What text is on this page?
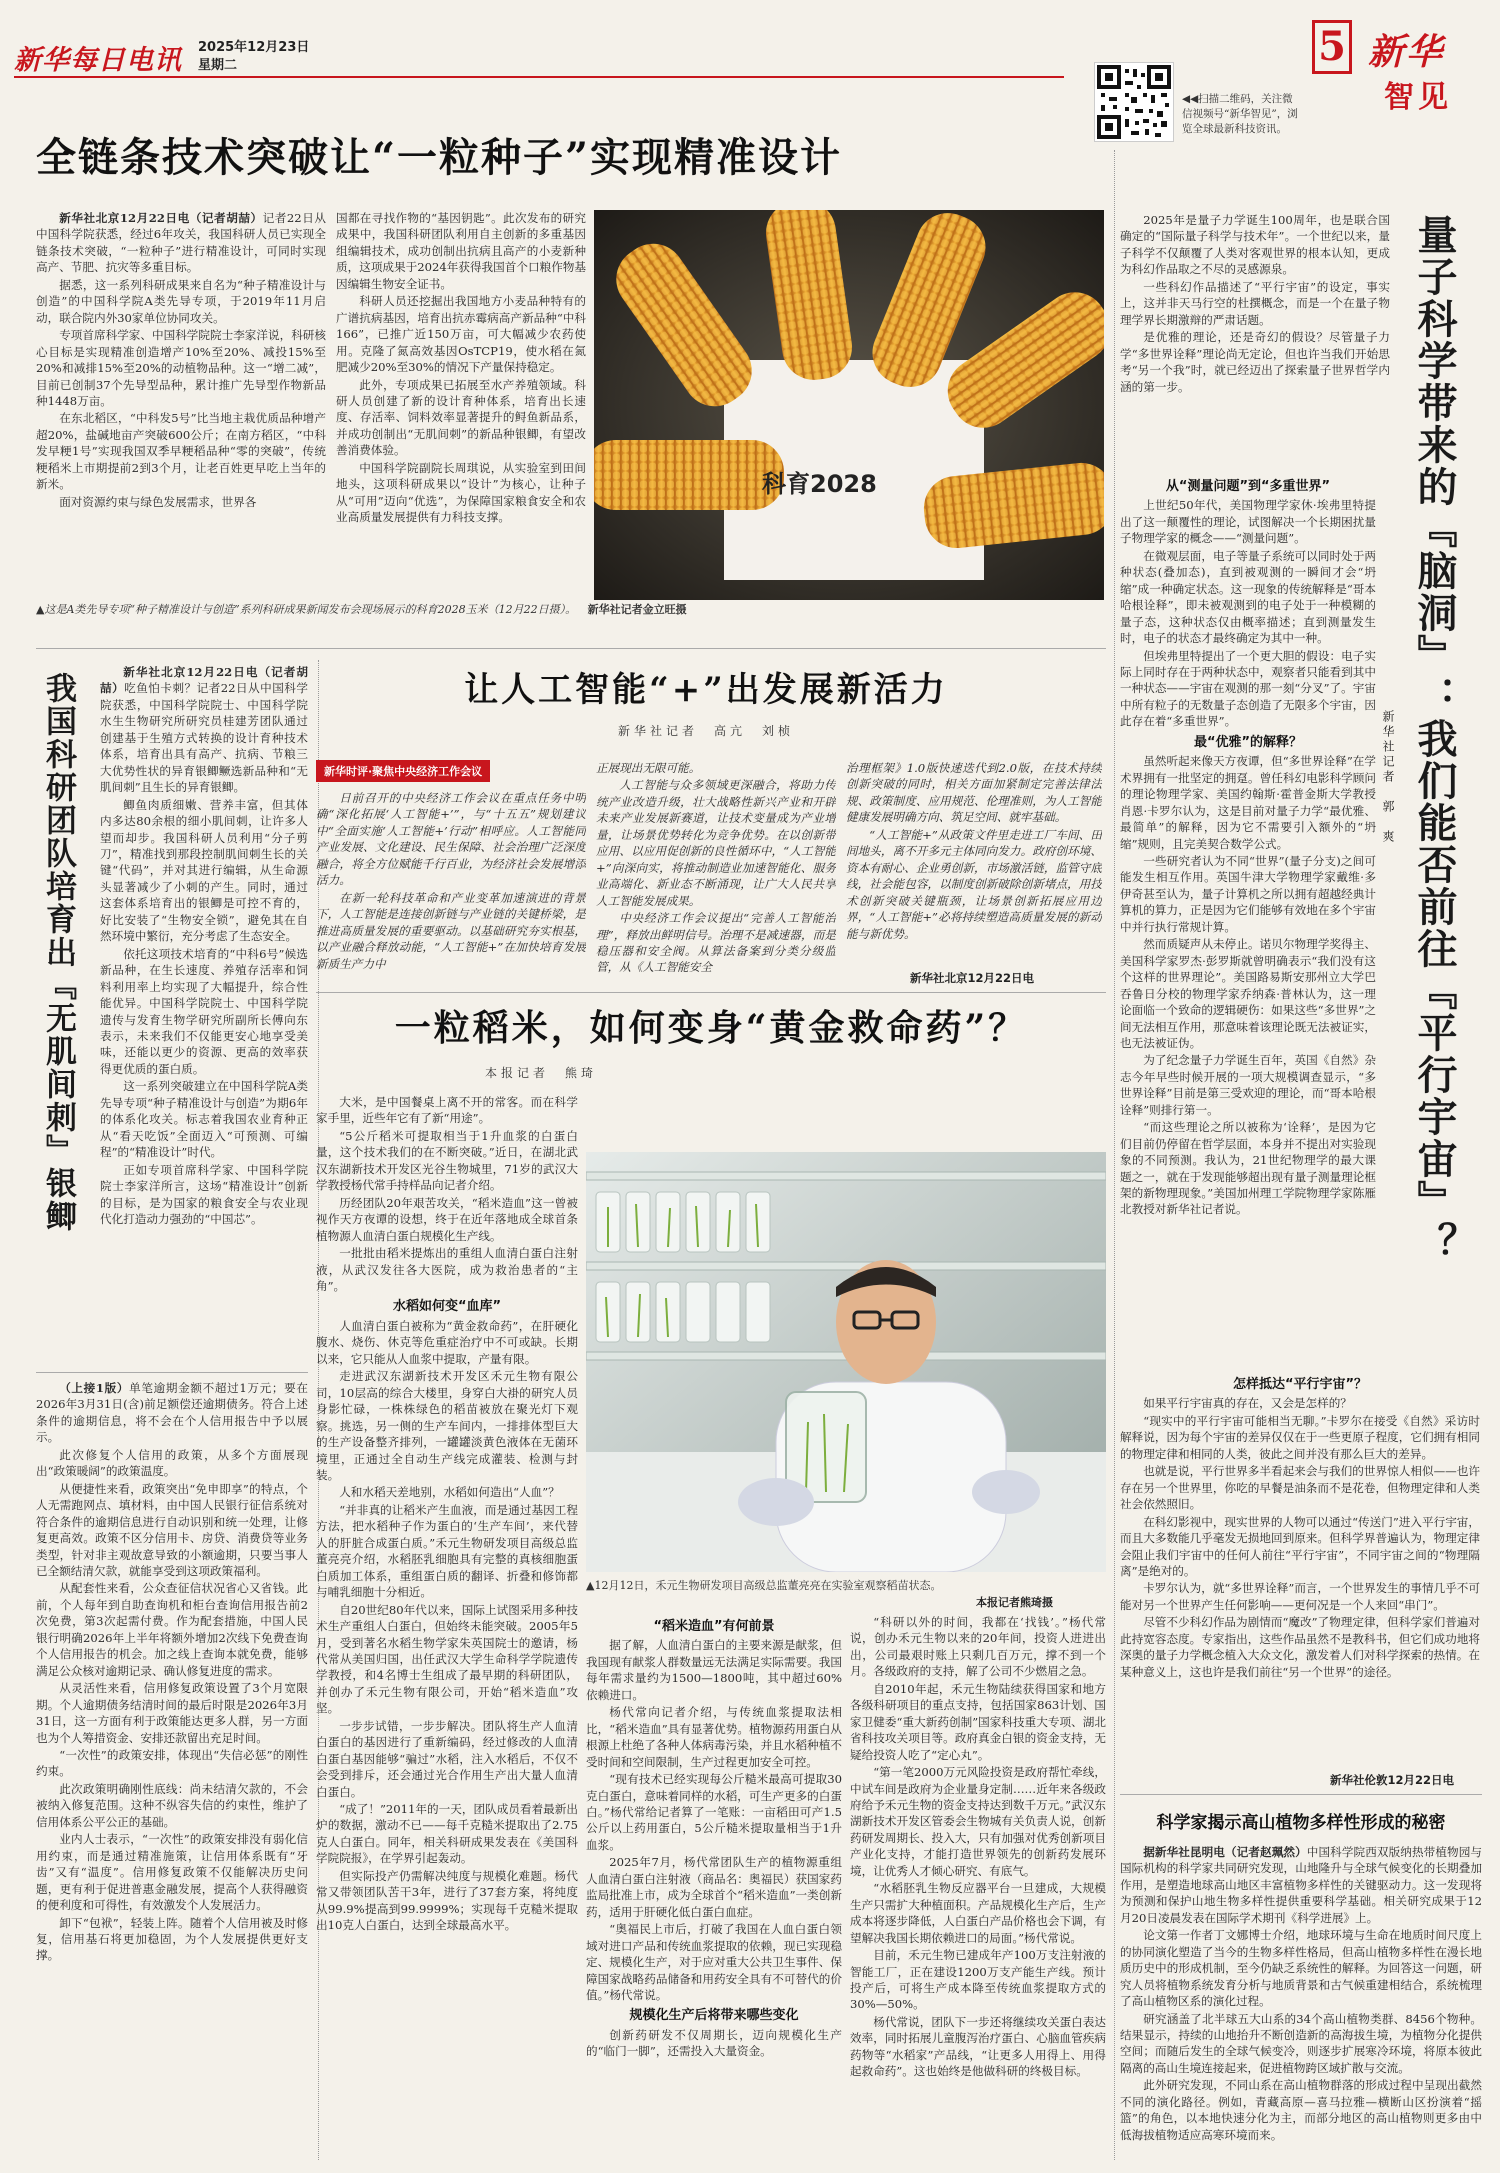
新华每日电讯 2025年12月23日
星期二
◀◀扫描二维码，关注微信视频号“新华智见”，浏览全球最新科技资讯。
5 新华
智见
全链条技术突破让“一粒种子”实现精准设计

新华社北京12月22日电（记者胡喆）记者22日从中国科学院获悉，经过6年攻关，我国科研人员已实现全链条技术突破，“一粒种子”进行精准设计，可同时实现高产、节肥、抗灾等多重目标。

据悉，这一系列科研成果来自名为“种子精准设计与创造”的中国科学院A类先导专项，于2019年11月启动，联合院内外30家单位协同攻关。

专项首席科学家、中国科学院院士李家洋说，科研核心目标是实现精准创造增产10%至20%、减投15%至20%和减排15%至20%的动植物品种。这一“增二减”，目前已创制37个先导型品种，累计推广先导型作物新品种1448万亩。

在东北稻区，“中科发5号”比当地主栽优质品种增产超20%，盐碱地亩产突破600公斤；在南方稻区，“中科发早粳1号”实现我国双季早粳稻品种“零的突破”，传统粳稻米上市期提前2到3个月，让老百姓更早吃上当年的新米。

面对资源约束与绿色发展需求，世界各

国都在寻找作物的“基因钥匙”。此次发布的研究成果中，我国科研团队利用自主创新的多重基因组编辑技术，成功创制出抗病且高产的小麦新种质，这项成果于2024年获得我国首个口粮作物基因编辑生物安全证书。

科研人员还挖掘出我国地方小麦品种特有的广谱抗病基因，培育出抗赤霉病高产新品种“中科166”，已推广近150万亩，可大幅减少农药使用。克隆了氮高效基因OsTCP19，使水稻在氮肥减少20%至30%的情况下产量保持稳定。

此外，专项成果已拓展至水产养殖领域。科研人员创建了新的设计育种体系，培育出长速度、存活率、饲料效率显著提升的鲟鱼新品系，并成功创制出“无肌间刺”的新品种银鲫，有望改善消费体验。

中国科学院副院长周琪说，从实验室到田间地头，这项科研成果以“设计”为核心，让种子从“可用”迈向“优选”，为保障国家粮食安全和农业高质量发展提供有力科技支撑。

科育2028
▲这是A类先导专项“种子精准设计与创造”系列科研成果新闻发布会现场展示的科育2028玉米（12月22日摄）。 新华社记者金立旺摄
我国科研团队培育出『无肌间刺』银鲫	新华社北京12月22日电（记者胡喆）吃鱼怕卡刺？记者22日从中国科学院获悉，中国科学院院士、中国科学院水生生物研究所研究员桂建芳团队通过创建基于生殖方式转换的设计育种技术体系，培育出具有高产、抗病、节粮三大优势性状的异育银鲫鳜选新品种和“无肌间刺”且生长的异育银鲫。

鲫鱼肉质细嫩、营养丰富，但其体内多达80余根的细小肌间刺，让许多人望而却步。我国科研人员利用“分子剪刀”，精准找到那段控制肌间刺生长的关键“代码”，并对其进行编辑，从生命源头显著减少了小刺的产生。同时，通过这套体系培育出的银鲫是可控不育的，好比安装了“生物安全锁”，避免其在自然环境中繁衍，充分考虑了生态安全。

依托这项技术培育的“中科6号”候选新品种，在生长速度、养殖存活率和饲料利用率上均实现了大幅提升，综合性能优异。中国科学院院士、中国科学院遗传与发育生物学研究所副所长傅向东表示，未来我们不仅能更安心地享受美味，还能以更少的资源、更高的效率获得更优质的蛋白质。

这一系列突破建立在中国科学院A类先导专项“种子精准设计与创造”为期6年的体系化攻关。标志着我国农业育种正从“看天吃饭”全面迈入“可预测、可编程”的“精准设计”时代。

正如专项首席科学家、中国科学院院士李家洋所言，这场“精准设计”创新的目标，是为国家的粮食安全与农业现代化打造动力强劲的“中国芯”。

（上接1版）单笔逾期金额不超过1万元；要在2026年3月31日(含)前足额偿还逾期债务。符合上述条件的逾期信息，将不会在个人信用报告中予以展示。

此次修复个人信用的政策，从多个方面展现出“政策暖阔”的政策温度。

从便捷性来看，政策突出“免申即享”的特点，个人无需跑网点、填材料，由中国人民银行征信系统对符合条件的逾期信息进行自动识别和统一处理，让修复更高效。政策不区分信用卡、房贷、消费贷等业务类型，针对非主观故意导致的小额逾期，只要当事人已全额结清欠款，就能享受到这项政策福利。

从配套性来看，公众查征信状况省心又省钱。此前，个人每年到自助查询机和柜台查询信用报告前2次免费，第3次起需付费。作为配套措施，中国人民银行明确2026年上半年将额外增加2次线下免费查询个人信用报告的机会。加之线上查询本就免费，能够满足公众核对逾期记录、确认修复进度的需求。

从灵活性来看，信用修复政策设置了3个月宽限期。个人逾期债务结清时间的最后时限是2026年3月31日，这一方面有利于政策能达更多人群，另一方面也为个人筹措资金、安排还款留出充足时间。

“一次性”的政策安排，体现出“失信必惩”的刚性约束。

此次政策明确刚性底线：尚未结清欠款的，不会被纳入修复范围。这种不纵容失信的约束性，维护了信用体系公平公正的基础。

业内人士表示，“一次性”的政策安排没有弱化信用约束，而是通过精准施策，让信用体系既有“牙齿”又有“温度”。信用修复政策不仅能解决历史问题，更有利于促进普惠金融发展，提高个人获得融资的便利度和可得性，有效激发个人发展活力。

卸下“包袱”，轻装上阵。随着个人信用被及时修复，信用基石将更加稳固，为个人发展提供更好支撑。

让人工智能“+”出发展新活力
新华社记者　高亢　刘桢
新华时评·聚焦中央经济工作会议

日前召开的中央经济工作会议在重点任务中明确“深化拓展‘人工智能+’”，与“十五五”规划建议中“全面实施‘人工智能+’行动”相呼应。人工智能同产业发展、文化建设、民生保障、社会治理广泛深度融合，将全方位赋能千行百业，为经济社会发展增添活力。

在新一轮科技革命和产业变革加速演进的背景下，人工智能是连接创新链与产业链的关键桥梁，是推进高质量发展的重要驱动。以基础研究夯实根基，以产业融合释放动能，“人工智能+”在加快培育发展新质生产力中

正展现出无限可能。

人工智能与众多领域更深融合，将助力传统产业改造升级，壮大战略性新兴产业和开辟未来产业发展新赛道，让技术变量成为产业增量，让场景优势转化为竞争优势。在以创新带应用、以应用促创新的良性循环中，“人工智能+”向深向实，将推动制造业加速智能化、服务业高端化、新业态不断涌现，让广大人民共享人工智能发展成果。

中央经济工作会议提出“完善人工智能治理”，释放出鲜明信号。治理不是减速器，而是稳压器和安全阀。从算法备案到分类分级监管，从《人工智能安全

治理框架》1.0版快速迭代到2.0版，在技术持续创新突破的同时，相关方面加紧制定完善法律法规、政策制度、应用规范、伦理准则，为人工智能健康发展明确方向、筑足空间、就牢基础。

“人工智能+”从政策文件里走进工厂车间、田间地头，离不开多元主体同向发力。政府创环境、资本有耐心、企业勇创新，市场激活链，监管守底线，社会能包容，以制度创新破除创新堵点，用技术创新突破关键瓶颈，让场景创新拓展应用边界，“人工智能+”必将持续塑造高质量发展的新动能与新优势。

新华社北京12月22日电
一粒稻米，如何变身“黄金救命药”？
本报记者　熊琦

大米，是中国餐桌上离不开的常客。而在科学家手里，近些年它有了新“用途”。

“5公斤稻米可提取相当于1升血浆的白蛋白量，这个技术我们的在不断突破。”近日，在湖北武汉东湖新技术开发区光谷生物城里，71岁的武汉大学教授杨代常手持样品向记者介绍。

历经团队20年艰苦攻关，“稻米造血”这一曾被视作天方夜谭的设想，终于在近年落地成全球首条植物源人血清白蛋白规模化生产线。

一批批由稻米提炼出的重组人血清白蛋白注射液，从武汉发往各大医院，成为救治患者的“主角”。

水稻如何变“血库”

人血清白蛋白被称为“黄金救命药”，在肝硬化腹水、烧伤、休克等危重症治疗中不可或缺。长期以来，它只能从人血浆中提取，产量有限。

走进武汉东湖新技术开发区禾元生物有限公司，10层高的综合大楼里，身穿白大褂的研究人员身影忙碌，一株株绿色的稻苗被放在聚光灯下观察。挑选，另一侧的生产车间内，一排排体型巨大的生产设备整齐排列，一罐罐淡黄色液体在无菌环境里，正通过全自动生产线完成灌装、检测与封装。

人和水稻天差地别，水稻如何造出“人血”？

“并非真的让稻米产生血液，而是通过基因工程方法，把水稻种子作为蛋白的‘生产车间’，来代替人的肝脏合成蛋白质。”禾元生物研发项目高级总监董亮亮介绍，水稻胚乳细胞具有完整的真核细胞蛋白质加工体系，重组蛋白质的翻译、折叠和修饰都与哺乳细胞十分相近。

自20世纪80年代以来，国际上试图采用多种技术生产重组人白蛋白，但始终未能突破。2005年5月，受到著名水稻生物学家朱英国院士的邀请，杨代常从美国归国，出任武汉大学生命科学学院遗传学教授，和4名博士生组成了最早期的科研团队，并创办了禾元生物有限公司，开始“稻米造血”攻坚。

一步步试错，一步步解决。团队将生产人血清白蛋白的基因进行了重新编码，经过修改的人血清白蛋白基因能够“骗过”水稻，注入水稻后，不仅不会受到排斥，还会通过光合作用生产出大量人血清白蛋白。

“成了！”2011年的一天，团队成员看着最新出炉的数据，激动不已——每千克糙米提取出了2.75克人白蛋白。同年，相关科研成果发表在《美国科学院院报》，在学界引起轰动。

但实际投产仍需解决纯度与规模化难题。杨代常又带领团队苦干3年，进行了37套方案，将纯度从99.9%提高到99.9999%；实现每千克糙米提取出10克人白蛋白，达到全球最高水平。

▲12月12日，禾元生物研发项目高级总监董亮亮在实验室观察稻苗状态。
本报记者熊琦摄

“稻米造血”有何前景

据了解，人血清白蛋白的主要来源是献浆，但我国现有献浆人群数量远无法满足实际需要。我国每年需求量约为1500—1800吨，其中超过60%依赖进口。

杨代常向记者介绍，与传统血浆提取法相比，“稻米造血”具有显著优势。植物源药用蛋白从根源上杜绝了各种人体病毒污染，并且水稻种植不受时间和空间限制，生产过程更加安全可控。

“现有技术已经实现每公斤糙米最高可提取30克白蛋白，意味着同样的水稻，可生产更多的白蛋白。”杨代常给记者算了一笔账：一亩稻田可产1.5公斤以上药用蛋白，5公斤糙米提取量相当于1升血浆。

2025年7月，杨代常团队生产的植物源重组人血清白蛋白注射液（商品名：奥福民）获国家药监局批准上市，成为全球首个“稻米造血”一类创新药，适用于肝硬化低白蛋白血症。

“奥福民上市后，打破了我国在人血白蛋白领域对进口产品和传统血浆提取的依赖，现已实现稳定、规模化生产，对于应对重大公共卫生事件、保障国家战略药品储备和用药安全具有不可替代的价值。”杨代常说。

规模化生产后将带来哪些变化

创新药研发不仅周期长，迈向规模化生产的“临门一脚”，还需投入大量资金。

“科研以外的时间，我都在‘找钱’。”杨代常说，创办禾元生物以来的20年间，投资人进进出出，公司最艰时账上只剩几百万元，撑不到一个月。各级政府的支持，解了公司不少燃眉之急。

自2010年起，禾元生物陆续获得国家和地方各级科研项目的重点支持，包括国家863计划、国家卫健委“重大新药创制”国家科技重大专项、湖北省科技攻关项目等。政府真金白银的资金支持，无疑给投资人吃了“定心丸”。

“第一笔2000万元风险投资是政府帮忙牵线，中试车间是政府为企业量身定制……近年来各级政府给予禾元生物的资金支持达到数千万元。”武汉东湖新技术开发区管委会生物城有关负责人说，创新药研发周期长、投入大，只有加强对优秀创新项目产业化支持，才能打造世界领先的创新药发展环境，让优秀人才倾心研究、有底气。

“水稻胚乳生物反应器平台一旦建成，大规模生产只需扩大种植面积。产品规模化生产后，生产成本将逐步降低，人白蛋白产品价格也会下调，有望解决我国长期依赖进口的局面。”杨代常说。

目前，禾元生物已建成年产100万支注射液的智能工厂，正在建设1200万支产能生产线。预计投产后，可将生产成本降至传统血浆提取方式的30%—50%。

杨代常说，团队下一步还将继续攻关蛋白表达效率，同时拓展儿童腹泻治疗蛋白、心脑血管疾病药物等“水稻家”产品线，“让更多人用得上、用得起救命药”。这也始终是他做科研的终极目标。

2025年是量子力学诞生100周年，也是联合国确定的“国际量子科学与技术年”。一个世纪以来，量子科学不仅颠覆了人类对客观世界的根本认知，更成为科幻作品取之不尽的灵感源泉。

一些科幻作品描述了“平行宇宙”的设定，事实上，这并非天马行空的杜撰概念，而是一个在量子物理学界长期激辩的严肃话题。

是优雅的理论，还是奇幻的假设？尽管量子力学“多世界诠释”理论尚无定论，但也许当我们开始思考“另一个我”时，就已经迈出了探索量子世界哲学内涵的第一步。	量子科学带来的『脑洞』：我们能否前往『平行宇宙』？
新华社记者　郭　爽

从“测量问题”到“多重世界”

上世纪50年代，美国物理学家休·埃弗里特提出了这一颠覆性的理论，试图解决一个长期困扰量子物理学家的概念——“测量问题”。

在微观层面，电子等量子系统可以同时处于两种状态(叠加态)，直到被观测的一瞬间才会“坍缩”成一种确定状态。这一现象的传统解释是“哥本哈根诠释”，即未被观测到的电子处于一种模糊的量子态，这种状态仅由概率描述；直到测量发生时，电子的状态才最终确定为其中一种。

但埃弗里特提出了一个更大胆的假设：电子实际上同时存在于两种状态中，观察者只能看到其中一种状态——宇宙在观测的那一刻“分叉”了。宇宙中所有粒子的无数量子态创造了无限多个宇宙，因此存在着“多重世界”。

最“优雅”的解释？

虽然听起来像天方夜谭，但“多世界诠释”在学术界拥有一批坚定的拥趸。曾任科幻电影科学顾问的理论物理学家、美国约翰斯·霍普金斯大学教授肖恩·卡罗尔认为，这是目前对量子力学“最优雅、最简单”的解释，因为它不需要引入额外的“坍缩”规则，且完美契合数学公式。

一些研究者认为不同“世界”(量子分支)之间可能发生相互作用。英国牛津大学物理学家戴维·多伊奇甚至认为，量子计算机之所以拥有超越经典计算机的算力，正是因为它们能够有效地在多个宇宙中并行执行常规计算。

然而质疑声从未停止。诺贝尔物理学奖得主、美国科学家罗杰·彭罗斯就曾明确表示“我们没有这个这样的世界理论”。美国路易斯安那州立大学巴吞鲁日分校的物理学家乔纳森·普林认为，这一理论面临一个致命的逻辑硬伤：如果这些“多世界”之间无法相互作用，那意味着该理论既无法被证实，也无法被证伪。

为了纪念量子力学诞生百年，英国《自然》杂志今年早些时候开展的一项大规模调查显示，“多世界诠释”目前是第三受欢迎的理论，而“哥本哈根诠释”则排行第一。

“而这些理论之所以被称为‘诠释’，是因为它们目前仍停留在哲学层面，本身并不提出对实验现象的不同预测。我认为，21世纪物理学的最大课题之一，就在于发现能够超出现有量子测量理论框架的新物理现象。”美国加州理工学院物理学家陈雁北教授对新华社记者说。

怎样抵达“平行宇宙”？

如果平行宇宙真的存在，又会是怎样的？

“现实中的平行宇宙可能相当无聊。”卡罗尔在接受《自然》采访时解释说，因为每个宇宙的差异仅仅在于一些更原子程度，它们拥有相同的物理定律和相同的人类，彼此之间并没有那么巨大的差异。

也就是说，平行世界多半看起来会与我们的世界惊人相似——也许存在另一个世界里，你吃的早餐是油条而不是花卷，但物理定律和人类社会依然照旧。

在科幻影视中，现实世界的人物可以通过“传送门”进入平行宇宙，而且大多数能几乎毫发无损地回到原来。但科学界普遍认为，物理定律会阻止我们宇宙中的任何人前往“平行宇宙”，不同宇宙之间的“物理隔离”是绝对的。

卡罗尔认为，就“多世界诠释”而言，一个世界发生的事情几乎不可能对另一个世界产生任何影响——更何况是一个人来回“串门”。

尽管不少科幻作品为剧情而“魔改”了物理定律，但科学家们普遍对此持宽容态度。专家指出，这些作品虽然不是教科书，但它们成功地将深奥的量子力学概念植入大众文化，激发着人们对科学探索的热情。在某种意义上，这也许是我们前往“另一个世界”的途径。

新华社伦敦12月22日电
科学家揭示高山植物多样性形成的秘密

据新华社昆明电（记者赵珮然）中国科学院西双版纳热带植物园与国际机构的科学家共同研究发现，山地隆升与全球气候变化的长期叠加作用，是塑造地球高山地区丰富植物多样性的关键驱动力。这一发现将为预测和保护山地生物多样性提供重要科学基础。相关研究成果于12月20日凌晨发表在国际学术期刊《科学进展》上。

论文第一作者丁文娜博士介绍，地球环境与生命在地质时间尺度上的协同演化塑造了当今的生物多样性格局，但高山植物多样性在漫长地质历史中的形成机制，至今仍缺乏系统性的解释。为回答这一问题，研究人员将植物系统发育分析与地质背景和古气候重建相结合，系统梳理了高山植物区系的演化过程。

研究涵盖了北半球五大山系的34个高山植物类群、8456个物种。结果显示，持续的山地抬升不断创造新的高海拔生境，为植物分化提供空间；而随后发生的全球气候变冷，则逐步扩展寒冷环境，将原本彼此隔离的高山生境连接起来，促进植物跨区域扩散与交流。

此外研究发现，不同山系在高山植物群落的形成过程中呈现出截然不同的演化路径。例如，青藏高原—喜马拉雅—横断山区扮演着“摇篮”的角色，以本地快速分化为主，而部分地区的高山植物则更多由中低海拔植物适应高寒环境而来。
